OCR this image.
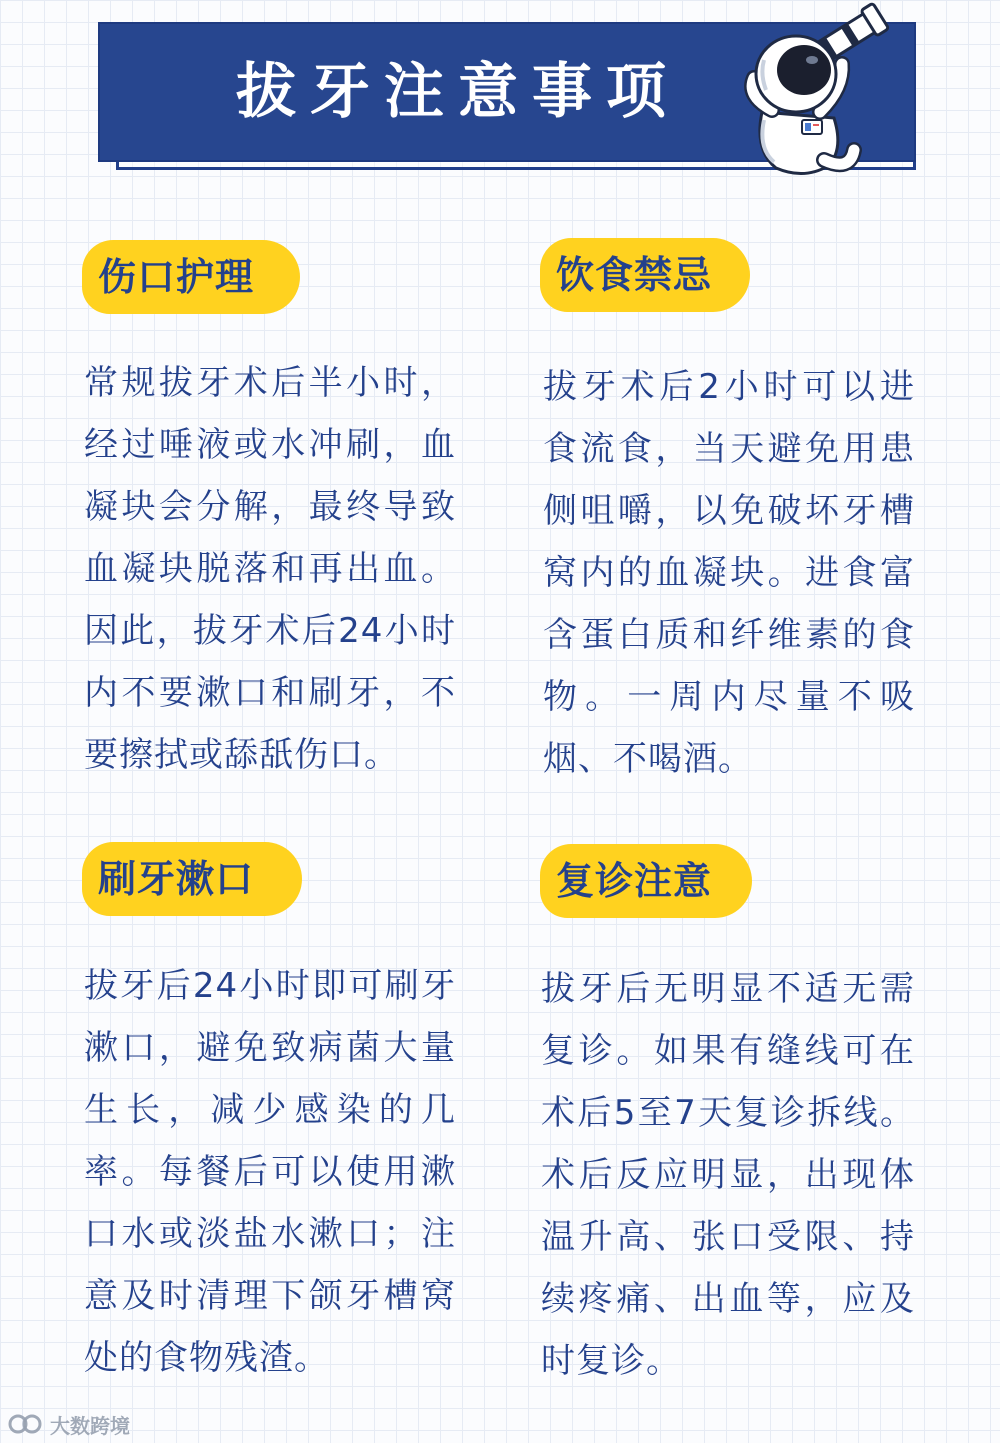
拔牙注意事项
伤口护理
常规拔牙术后半小时，经过唾液或水冲刷，血凝块会分解，最终导致血凝块脱落和再出血。因此，拔牙术后24小时内不要漱口和刷牙，不要擦拭或舔舐伤口。
饮食禁忌
拔牙术后2小时可以进食流食，当天避免用患侧咀嚼，以免破坏牙槽窝内的血凝块。进食富含蛋白质和纤维素的食物。一周内尽量不吸烟、不喝酒。
刷牙漱口
拔牙后24小时即可刷牙漱口，避免致病菌大量生长，减少感染的几率。每餐后可以使用漱口水或淡盐水漱口；注意及时清理下颌牙槽窝处的食物残渣。
复诊注意
拔牙后无明显不适无需复诊。如果有缝线可在术后5至7天复诊拆线。术后反应明显，出现体温升高、张口受限、持续疼痛、出血等，应及时复诊。
大数跨境
